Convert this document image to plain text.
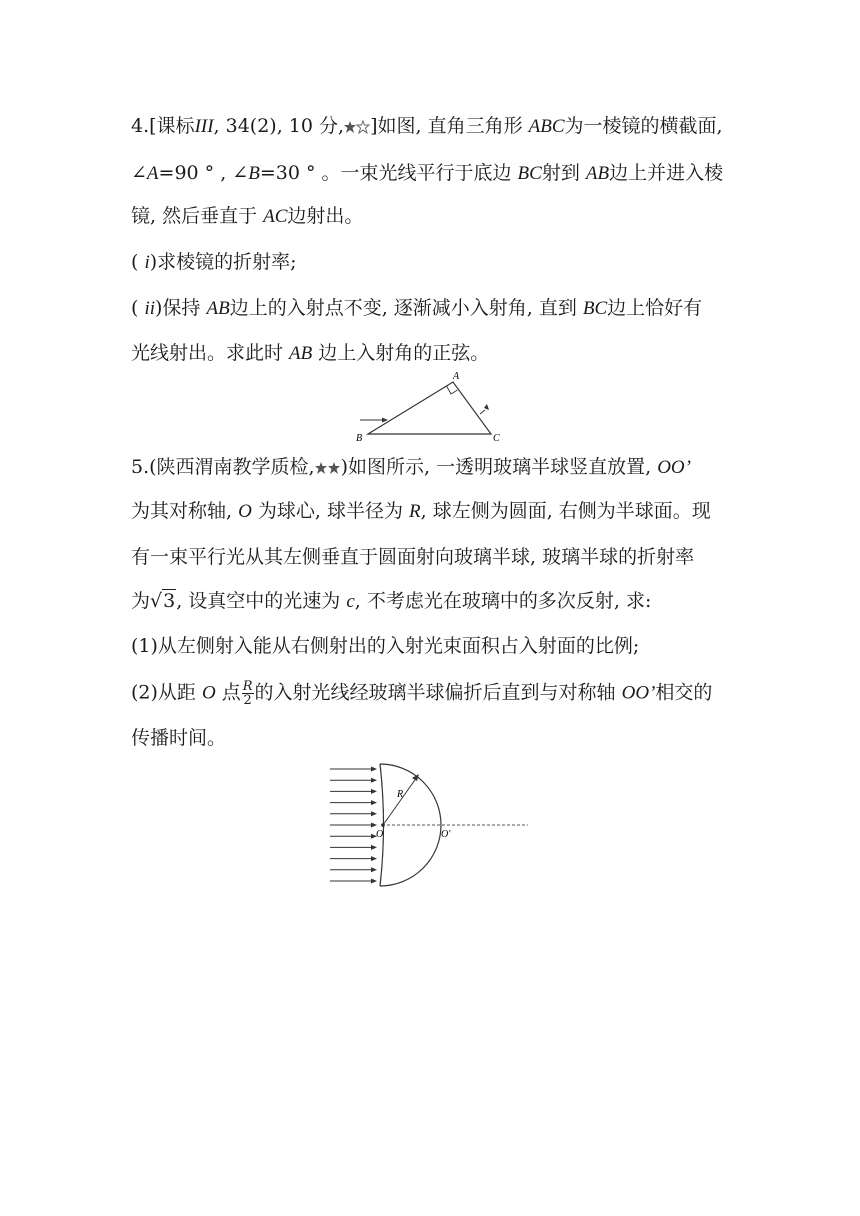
4.[课标III, 34(2), 10 分, ]如图, 直角三角形 ABC为一棱镜的横截面,
∠A=90 ° , ∠B=30 ° 。一束光线平行于底边 BC射到 AB边上并进入棱
镜, 然后垂直于 AC边射出。
( i)求棱镜的折射率;
( ii)保持 AB边上的入射点不变, 逐渐减小入射角, 直到 BC边上恰好有
光线射出。求此时 AB 边上入射角的正弦。
A
B	C
5.(陕西渭南教学质检, )如图所示, 一透明玻璃半球竖直放置, OO’
为其对称轴, O 为球心, 球半径为 R, 球左侧为圆面, 右侧为半球面。现
有一束平行光从其左侧垂直于圆面射向玻璃半球, 玻璃半球的折射率
为√3, 设真空中的光速为 c, 不考虑光在玻璃中的多次反射, 求:
(1)从左侧射入能从右侧射出的入射光束面积占入射面的比例;
(2)从距 O 点 $\frac{R}{2}$ 的入射光线经玻璃半球偏折后直到与对称轴 OO’相交的
传播时间。
R
O	O′
